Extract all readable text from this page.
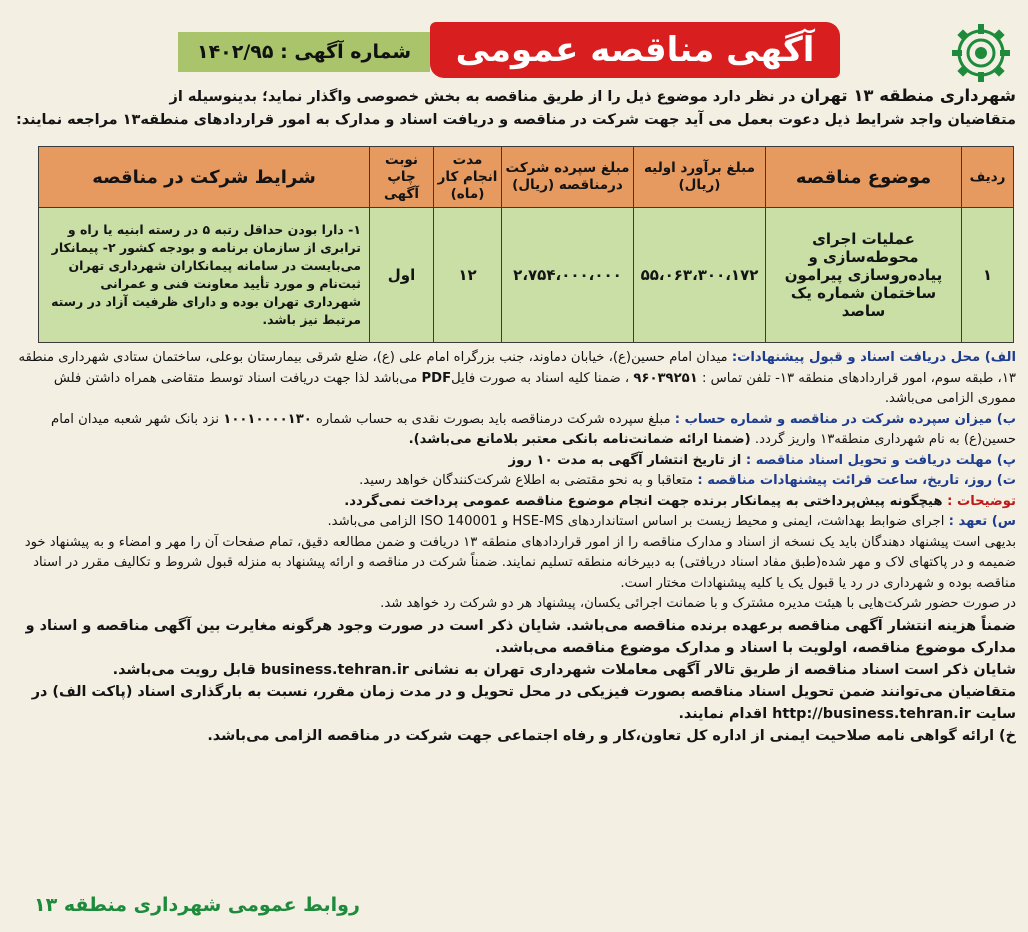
آگهی مناقصه عمومی
شماره آگهی : ۱۴۰۲/۹۵
شهرداری منطقه ۱۳ تهران در نظر دارد موضوع ذیل را از طریق مناقصه به بخش خصوصی واگذار نماید؛ بدینوسیله از
متقاضیان واجد شرایط ذیل دعوت بعمل می آید جهت شرکت در مناقصه و دریافت اسناد و مدارک به امور قراردادهای منطقه۱۳ مراجعه نمایند:
ردیف	موضوع مناقصه	مبلغ برآورد اولیه (ریال)	مبلغ سپرده شرکت درمناقصه (ریال)	مدت انجام کار (ماه)	نوبت چاپ آگهی	شرایط شرکت در مناقصه
۱	عملیات اجرای محوطه‌سازی و پیاده‌روسازی پیرامون ساختمان شماره یک ساصد	۵۵،۰۶۳،۳۰۰،۱۷۲	۲،۷۵۴،۰۰۰،۰۰۰	۱۲	اول	۱- دارا بودن حداقل رتبه ۵ در رسته ابنیه یا راه و ترابری از سازمان برنامه و بودجه کشور ۲- پیمانکار می‌بایست در سامانه پیمانکاران شهرداری تهران ثبت‌نام و مورد تأیید معاونت فنی و عمرانی شهرداری تهران بوده و دارای ظرفیت آزاد در رسته مرتبط نیز باشد.

الف) محل دریافت اسناد و قبول پیشنهادات: میدان امام حسین(ع)، خیابان دماوند، جنب بزرگراه امام علی (ع)، ضلع شرقی بیمارستان بوعلی، ساختمان ستادی شهرداری منطقه ۱۳، طبقه سوم، امور قراردادهای منطقه ۱۳- تلفن تماس : ۹۶۰۳۹۲۵۱ ، ضمنا کلیه اسناد به صورت فایلPDF می‌باشد لذا جهت دریافت اسناد توسط متقاضی همراه داشتن فلش مموری الزامی می‌باشد.

ب) میزان سپرده شرکت در مناقصه و شماره حساب : مبلغ سپرده شرکت درمناقصه باید بصورت نقدی به حساب شماره ۱۰۰۱۰۰۰۰۱۳۰ نزد بانک شهر شعبه میدان امام حسین(ع) به نام شهرداری منطقه۱۳ واریز گردد. (ضمنا ارائه ضمانت‌نامه بانکی معتبر بلامانع می‌باشد).

پ) مهلت دریافت و تحویل اسناد مناقصه : از تاریخ انتشار آگهی به مدت ۱۰ روز

ت) روز، تاریخ، ساعت قرائت پیشنهادات مناقصه : متعاقبا و به نحو مقتضی به اطلاع شرکت‌کنندگان خواهد رسید.

توضیحات : هیچگونه پیش‌پرداختی به پیمانکار برنده جهت انجام موضوع مناقصه عمومی پرداخت نمی‌گردد.

س) تعهد : اجرای ضوابط بهداشت، ایمنی و محیط زیست بر اساس استانداردهای HSE-MS و ISO 140001 الزامی می‌باشد.

بدیهی است پیشنهاد دهندگان باید یک نسخه از اسناد و مدارک مناقصه را از امور قراردادهای منطقه ۱۳ دریافت و ضمن مطالعه دقیق، تمام صفحات آن را مهر و امضاء و به پیشنهاد خود ضمیمه و در پاکتهای لاک و مهر شده(طبق مفاد اسناد دریافتی) به دبیرخانه منطقه تسلیم نمایند. ضمناً شرکت در مناقصه و ارائه پیشنهاد به منزله قبول شروط و تکالیف مقرر در اسناد مناقصه بوده و شهرداری در رد یا قبول یک یا کلیه پیشنهادات مختار است.

در صورت حضور شرکت‌هایی با هیئت مدیره مشترک و با ضمانت اجرائی یکسان، پیشنهاد هر دو شرکت رد خواهد شد.

ضمناً هزینه انتشار آگهی مناقصه برعهده برنده مناقصه می‌باشد. شایان ذکر است در صورت وجود هرگونه مغایرت بین آگهی مناقصه و اسناد و مدارک موضوع مناقصه، اولویت با اسناد و مدارک موضوع مناقصه می‌باشد.

شایان ذکر است اسناد مناقصه از طریق تالار آگهی معاملات شهرداری تهران به نشانی business.tehran.ir قابل رویت می‌باشد.

متقاضیان می‌توانند ضمن تحویل اسناد مناقصه بصورت فیزیکی در محل تحویل و در مدت زمان مقرر، نسبت به بارگذاری اسناد (پاکت الف) در سایت http://business.tehran.ir اقدام نمایند.

خ) ارائه گواهی نامه صلاحیت ایمنی از اداره کل تعاون،کار و رفاه اجتماعی جهت شرکت در مناقصه الزامی می‌باشد.

روابط عمومی شهرداری منطقه ۱۳
